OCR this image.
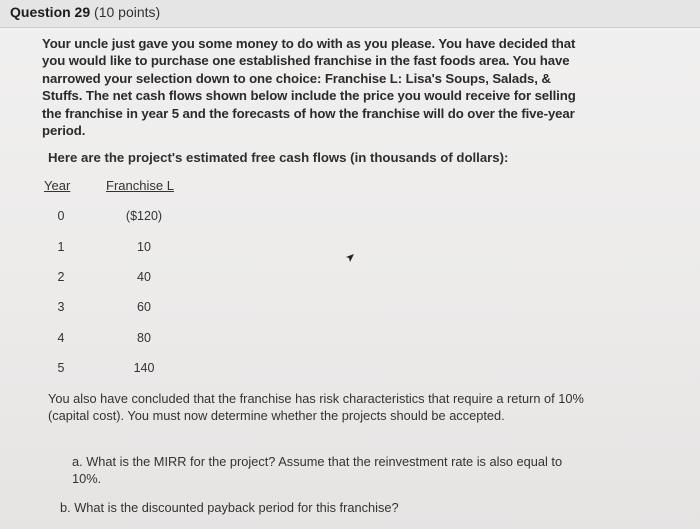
Question 29 (10 points)
Your uncle just gave you some money to do with as you please. You have decided that you would like to purchase one established franchise in the fast foods area. You have narrowed your selection down to one choice: Franchise L: Lisa's Soups, Salads, & Stuffs. The net cash flows shown below include the price you would receive for selling the franchise in year 5 and the forecasts of how the franchise will do over the five-year period.
Here are the project's estimated free cash flows (in thousands of dollars):
Year	Franchise L
0	($120)
1	10
2	40
3	60
4	80
5	140
You also have concluded that the franchise has risk characteristics that require a return of 10% (capital cost). You must now determine whether the projects should be accepted.
a. What is the MIRR for the project? Assume that the reinvestment rate is also equal to 10%.
b. What is the discounted payback period for this franchise?
